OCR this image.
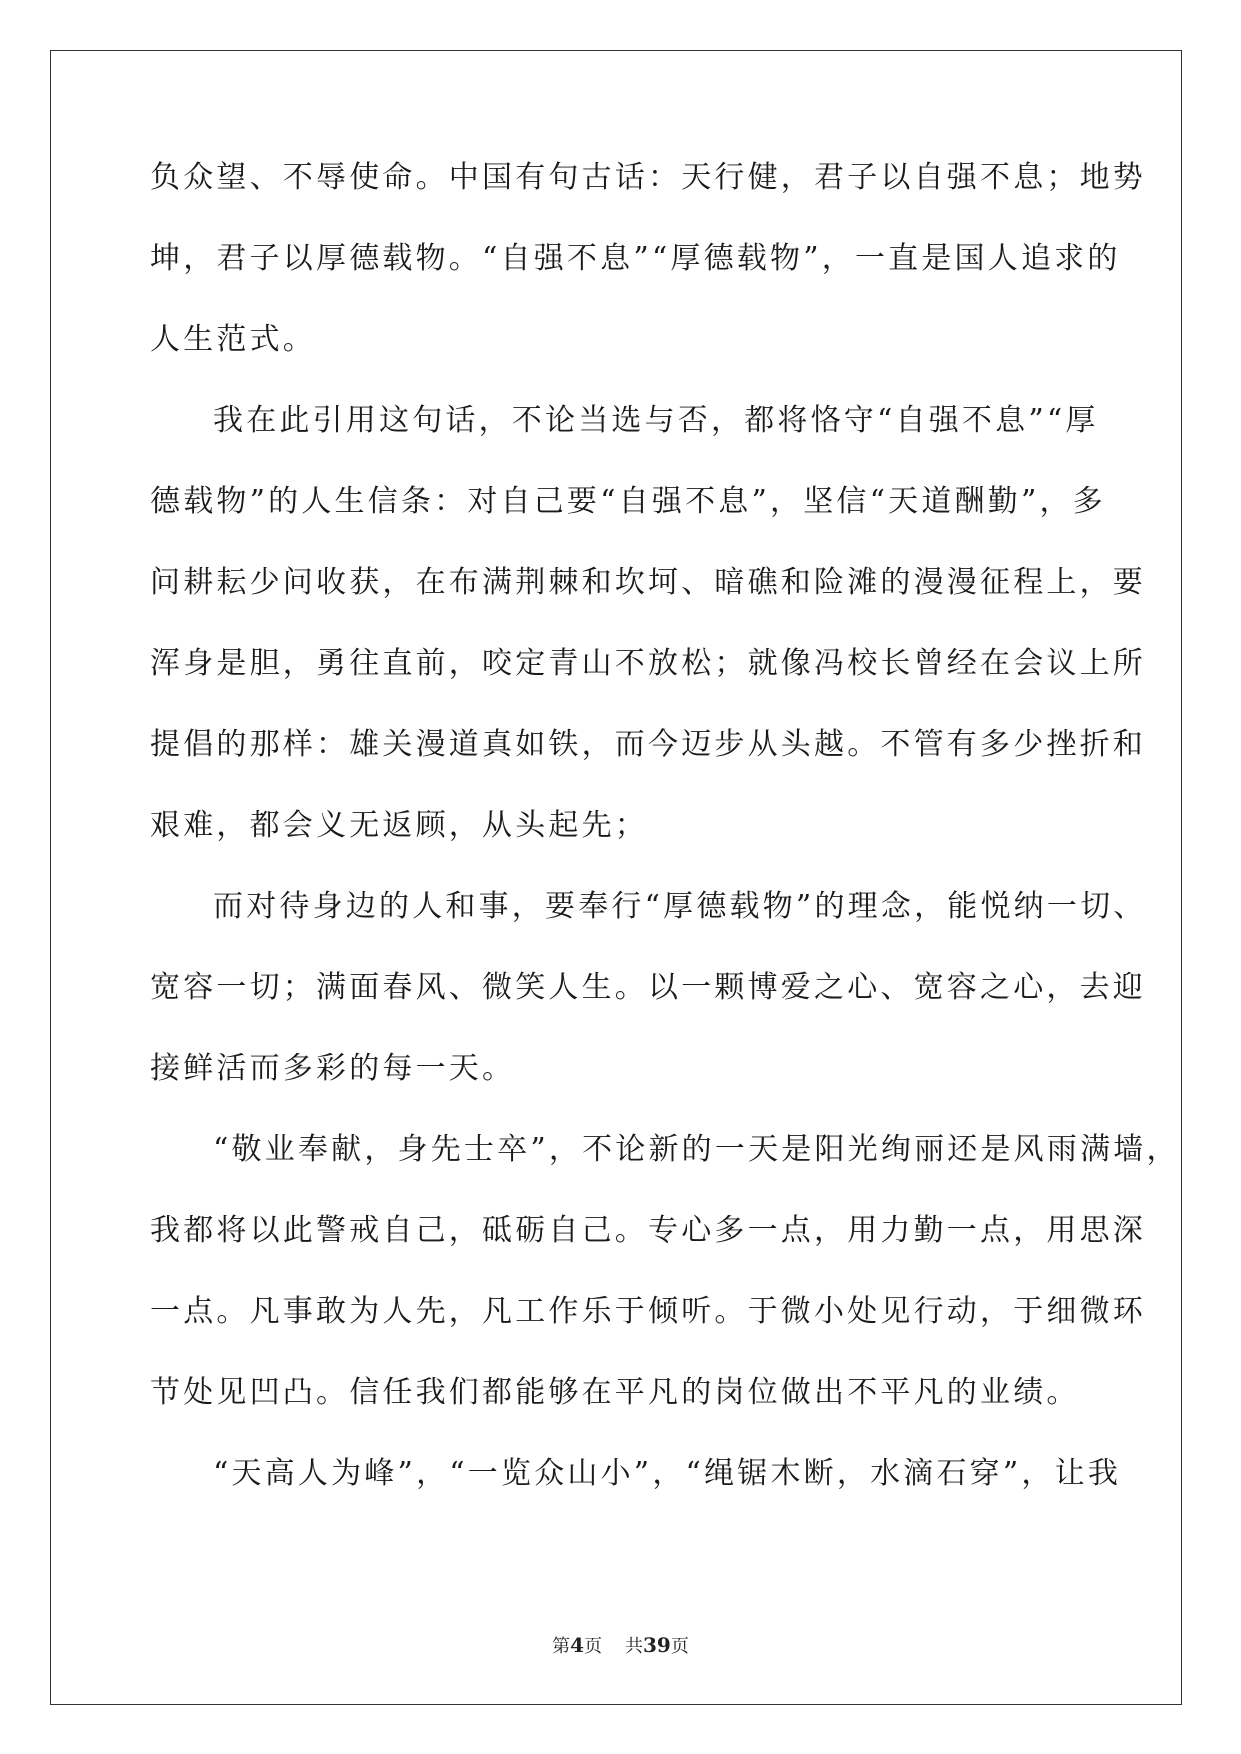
负众望、不辱使命。中国有句古话：天行健，君子以自强不息；地势
坤，君子以厚德载物。“自强不息”“厚德载物”，一直是国人追求的
人生范式。
我在此引用这句话，不论当选与否，都将恪守“自强不息”“厚
德载物”的人生信条：对自己要“自强不息”，坚信“天道酬勤”，多
问耕耘少问收获，在布满荆棘和坎坷、暗礁和险滩的漫漫征程上，要
浑身是胆，勇往直前，咬定青山不放松；就像冯校长曾经在会议上所
提倡的那样：雄关漫道真如铁，而今迈步从头越。不管有多少挫折和
艰难，都会义无返顾，从头起先；
而对待身边的人和事，要奉行“厚德载物”的理念，能悦纳一切、
宽容一切；满面春风、微笑人生。以一颗博爱之心、宽容之心，去迎
接鲜活而多彩的每一天。
“敬业奉献，身先士卒”，不论新的一天是阳光绚丽还是风雨满墙，
我都将以此警戒自己，砥砺自己。专心多一点，用力勤一点，用思深
一点。凡事敢为人先，凡工作乐于倾听。于微小处见行动，于细微环
节处见凹凸。信任我们都能够在平凡的岗位做出不平凡的业绩。
“天高人为峰”，“一览众山小”，“绳锯木断，水滴石穿”，让我
第4页 共39页
